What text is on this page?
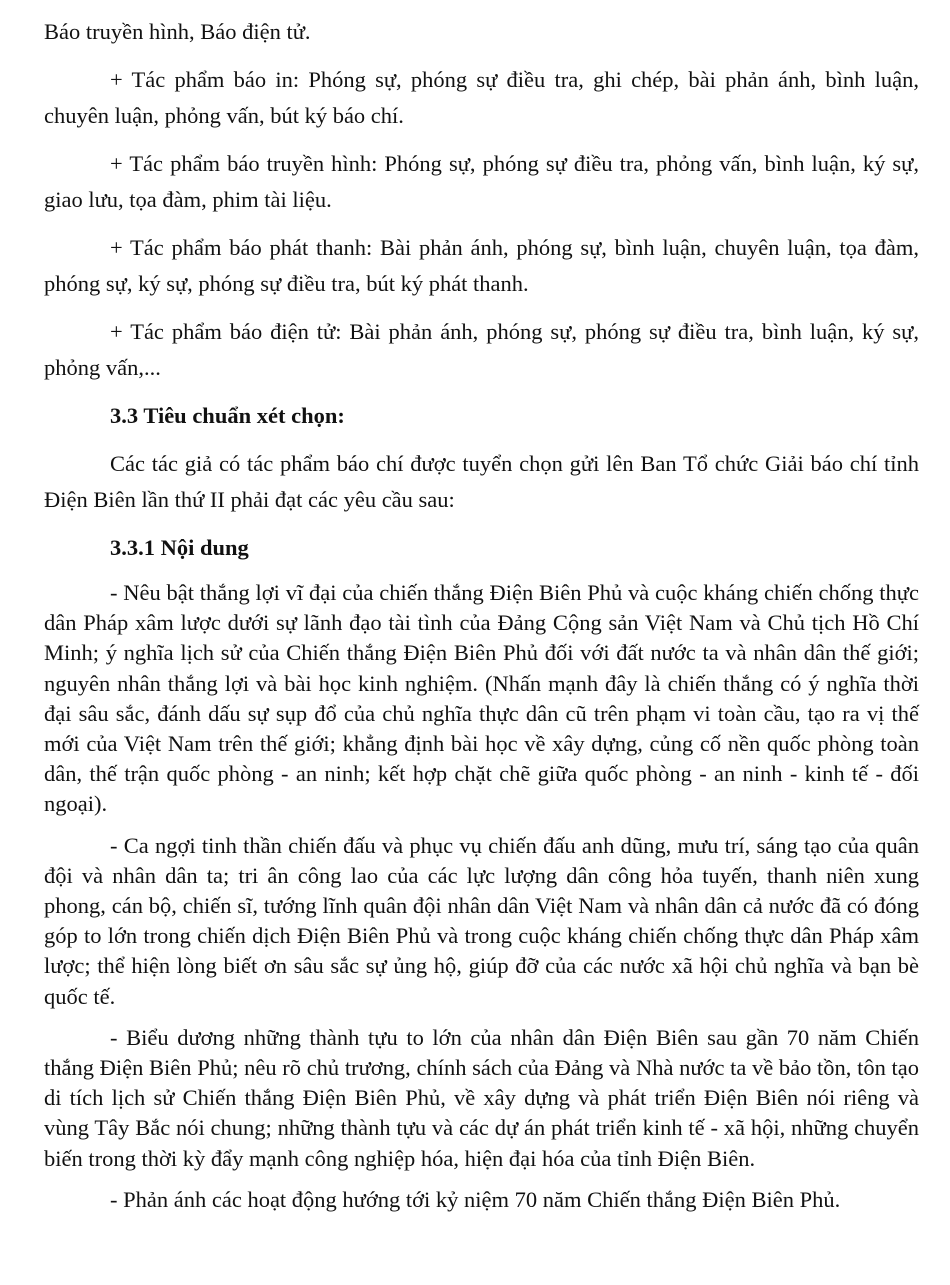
Báo truyền hình, Báo điện tử.

+ Tác phẩm báo in: Phóng sự, phóng sự điều tra, ghi chép, bài phản ánh, bình luận, chuyên luận, phỏng vấn, bút ký báo chí.

+ Tác phẩm báo truyền hình: Phóng sự, phóng sự điều tra, phỏng vấn, bình luận, ký sự, giao lưu, tọa đàm, phim tài liệu.

+ Tác phẩm báo phát thanh: Bài phản ánh, phóng sự, bình luận, chuyên luận, tọa đàm, phóng sự, ký sự, phóng sự điều tra, bút ký phát thanh.

+ Tác phẩm báo điện tử: Bài phản ánh, phóng sự, phóng sự điều tra, bình luận, ký sự, phỏng vấn,...

3.3 Tiêu chuẩn xét chọn:

Các tác giả có tác phẩm báo chí được tuyển chọn gửi lên Ban Tổ chức Giải báo chí tỉnh Điện Biên lần thứ II phải đạt các yêu cầu sau:

3.3.1 Nội dung

- Nêu bật thắng lợi vĩ đại của chiến thắng Điện Biên Phủ và cuộc kháng chiến chống thực dân Pháp xâm lược dưới sự lãnh đạo tài tình của Đảng Cộng sản Việt Nam và Chủ tịch Hồ Chí Minh; ý nghĩa lịch sử của Chiến thắng Điện Biên Phủ đối với đất nước ta và nhân dân thế giới; nguyên nhân thắng lợi và bài học kinh nghiệm. (Nhấn mạnh đây là chiến thắng có ý nghĩa thời đại sâu sắc, đánh dấu sự sụp đổ của chủ nghĩa thực dân cũ trên phạm vi toàn cầu, tạo ra vị thế mới của Việt Nam trên thế giới; khẳng định bài học về xây dựng, củng cố nền quốc phòng toàn dân, thế trận quốc phòng - an ninh; kết hợp chặt chẽ giữa quốc phòng - an ninh - kinh tế - đối ngoại).

- Ca ngợi tinh thần chiến đấu và phục vụ chiến đấu anh dũng, mưu trí, sáng tạo của quân đội và nhân dân ta; tri ân công lao của các lực lượng dân công hỏa tuyến, thanh niên xung phong, cán bộ, chiến sĩ, tướng lĩnh quân đội nhân dân Việt Nam và nhân dân cả nước đã có đóng góp to lớn trong chiến dịch Điện Biên Phủ và trong cuộc kháng chiến chống thực dân Pháp xâm lược; thể hiện lòng biết ơn sâu sắc sự ủng hộ, giúp đỡ của các nước xã hội chủ nghĩa và bạn bè quốc tế.

- Biểu dương những thành tựu to lớn của nhân dân Điện Biên sau gần 70 năm Chiến thắng Điện Biên Phủ; nêu rõ chủ trương, chính sách của Đảng và Nhà nước ta về bảo tồn, tôn tạo di tích lịch sử Chiến thắng Điện Biên Phủ, về xây dựng và phát triển Điện Biên nói riêng và vùng Tây Bắc nói chung; những thành tựu và các dự án phát triển kinh tế - xã hội, những chuyển biến trong thời kỳ đẩy mạnh công nghiệp hóa, hiện đại hóa của tỉnh Điện Biên.

- Phản ánh các hoạt động hướng tới kỷ niệm 70 năm Chiến thắng Điện Biên Phủ.
